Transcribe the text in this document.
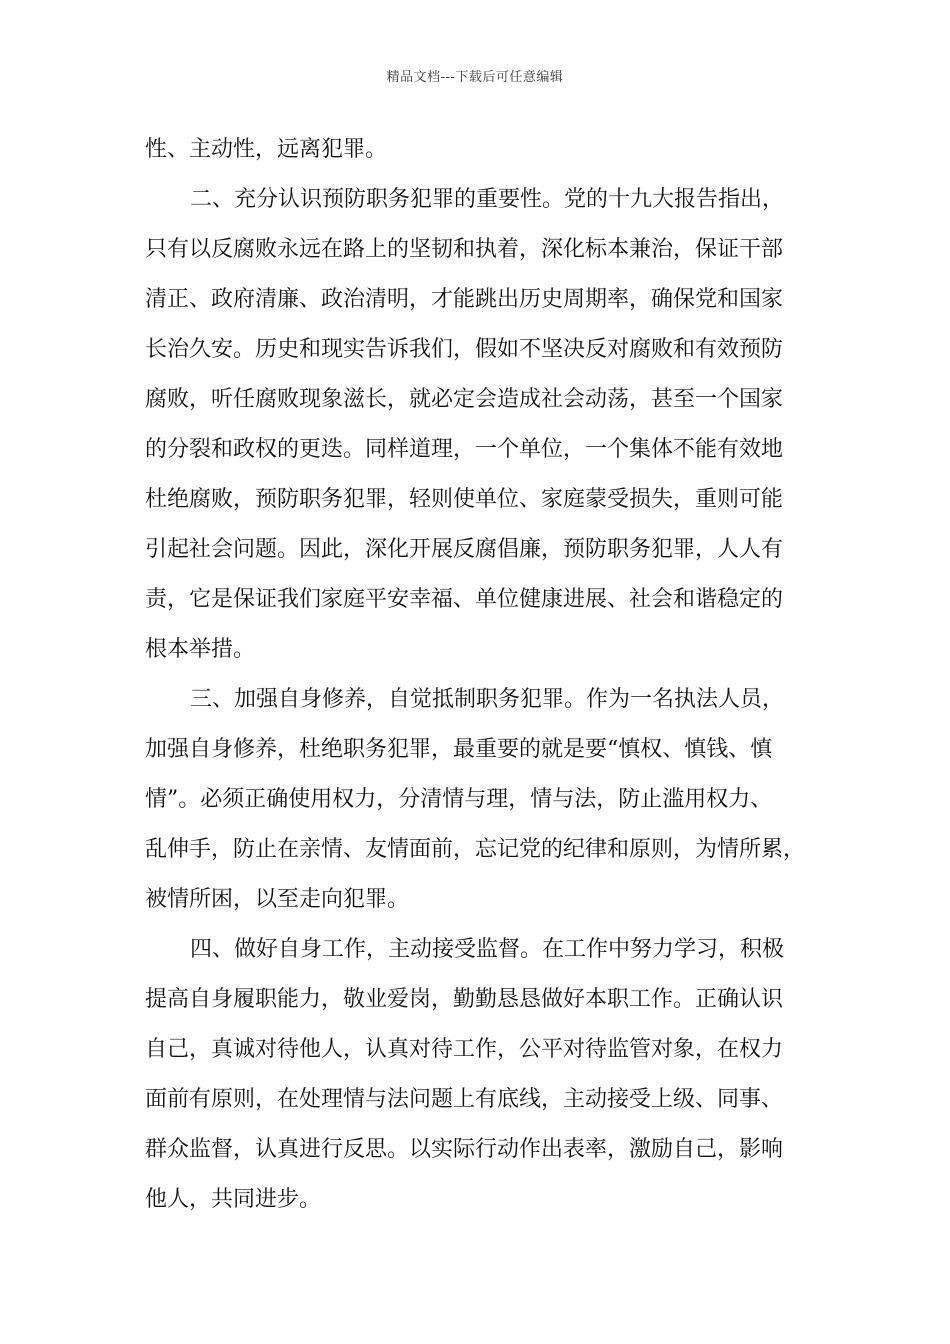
精品文档---下载后可任意编辑
性、主动性，远离犯罪。
二、充分认识预防职务犯罪的重要性。党的十九大报告指出，
只有以反腐败永远在路上的坚韧和执着，深化标本兼治，保证干部
清正、政府清廉、政治清明，才能跳出历史周期率，确保党和国家
长治久安。历史和现实告诉我们，假如不坚决反对腐败和有效预防
腐败，听任腐败现象滋长，就必定会造成社会动荡，甚至一个国家
的分裂和政权的更迭。同样道理，一个单位，一个集体不能有效地
杜绝腐败，预防职务犯罪，轻则使单位、家庭蒙受损失，重则可能
引起社会问题。因此，深化开展反腐倡廉，预防职务犯罪，人人有
责，它是保证我们家庭平安幸福、单位健康进展、社会和谐稳定的
根本举措。
三、加强自身修养，自觉抵制职务犯罪。作为一名执法人员，
加强自身修养，杜绝职务犯罪，最重要的就是要“慎权、慎钱、慎
情”。必须正确使用权力，分清情与理，情与法，防止滥用权力、
乱伸手，防止在亲情、友情面前，忘记党的纪律和原则，为情所累，
被情所困，以至走向犯罪。
四、做好自身工作，主动接受监督。在工作中努力学习，积极
提高自身履职能力，敬业爱岗，勤勤恳恳做好本职工作。正确认识
自己，真诚对待他人，认真对待工作，公平对待监管对象，在权力
面前有原则，在处理情与法问题上有底线，主动接受上级、同事、
群众监督，认真进行反思。以实际行动作出表率，激励自己，影响
他人，共同进步。
